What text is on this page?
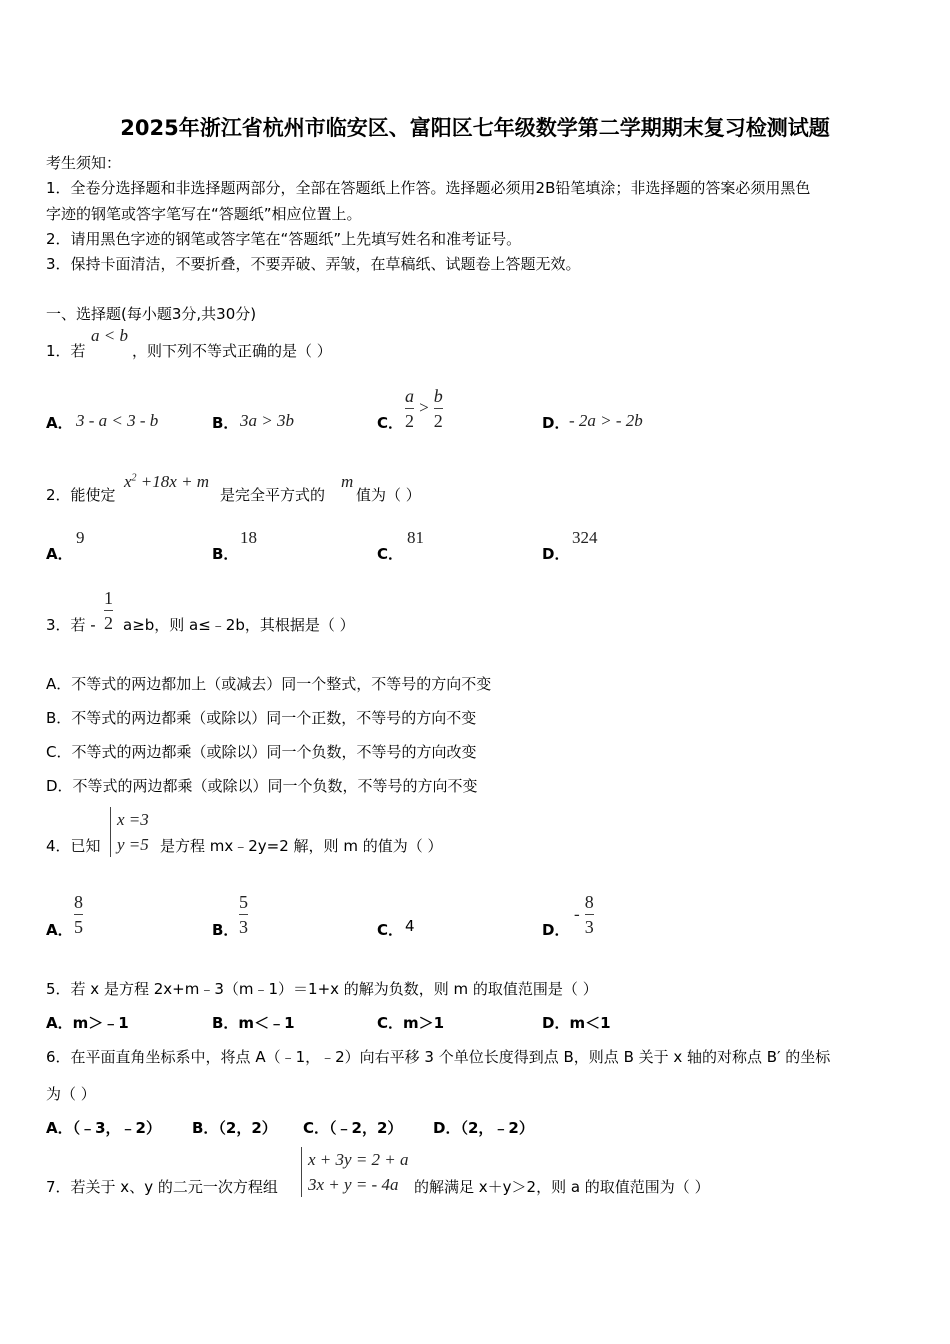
2025年浙江省杭州市临安区、富阳区七年级数学第二学期期末复习检测试题
考生须知：
1．全卷分选择题和非选择题两部分，全部在答题纸上作答。选择题必须用2B铅笔填涂；非选择题的答案必须用黑色
字迹的钢笔或答字笔写在“答题纸”相应位置上。
2．请用黑色字迹的钢笔或答字笔在“答题纸”上先填写姓名和准考证号。
3．保持卡面清洁，不要折叠，不要弄破、弄皱，在草稿纸、试题卷上答题无效。
一、选择题(每小题3分,共30分)
1．若
a < b
，则下列不等式正确的是（ ）
A． 3 - a < 3 - b	B． 3a > 3b	C． $\frac{a}{2} > \frac{b}{2}$	D． - 2a > - 2b
2．能使定
$x^2 +18x + m$
是完全平方式的
m
值为（ ）
A．
9
B．
18
C．
81
D．
324
3．若 - $\frac{1}{2} a\ge b$，则 a≤﹣2b，其根据是（ ）
A．不等式的两边都加上（或减去）同一个整式，不等号的方向不变
B．不等式的两边都乘（或除以）同一个正数，不等号的方向不变
C．不等式的两边都乘（或除以）同一个负数，不等号的方向改变
D．不等式的两边都乘（或除以）同一个负数，不等号的方向不变
4．已知
x =3
y =5 是方程 mx﹣2y=2 解，则 m 的值为（ ）
A． $\frac{8}{5}$	B． $\frac{5}{3}$	C． 4	D．
- $\frac{8}{3}$
5．若 x 是方程 2x+m﹣3（m﹣1）＝1+x 的解为负数，则 m 的取值范围是（ ）
A．m＞﹣1	B．m＜﹣1	C．m＞1	D．m＜1
6．在平面直角坐标系中，将点 A（﹣1，﹣2）向右平移 3 个单位长度得到点 B，则点 B 关于 x 轴的对称点 B′ 的坐标
为（ ）
A．（﹣3，﹣2） B．（2，2） C．（﹣2，2） D．（2，﹣2）
7．若关于 x、y 的二元一次方程组
x + 3y = 2 + a
3x + y = - 4a	的解满足 x＋y＞2，则 a 的取值范围为（ ）
